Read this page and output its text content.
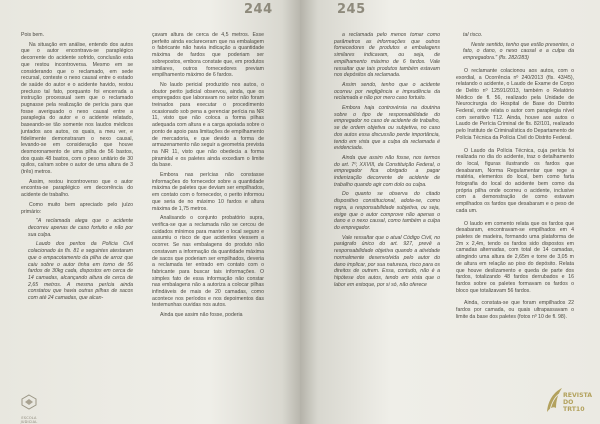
244

Pois bem.

Na situação em análise, entendo dos autos que o autor encontrava-se paraplégico decorrente do acidente sofrido, conclusão esta que restou incontroversa. Mesmo em se considerando que o reclamado, em sede recursal, conteste o nexo causal entre o estado de saúde do autor e o acidente havido, restou precluso tal fato, porquanto foi encerrada a instrução processual sem que o reclamado pugnasse pela realização de perícia para que fosse averiguado o nexo causal entre a paraplegia do autor e o acidente relatado, baseando-se tão somente nos laudos médicos juntados aos autos, os quais, a meu ver, e fidelimente demonstraram o nexo causal, levando-se em consideração que houve desmoronamento de uma pilha de 56 bastos, dos quais 48 bastos, com o peso unitário de 30 quilos, caíram sobre o autor de uma altura de 3 (três) metros.

Assim, restou incontroverso que o autor encontra-se paraplégico em decorrência do acidente de trabalho.

Como muito bem apreciado pelo juízo primário:

"A reclamada alega que o acidente decorreu apenas de caso fortuito e não por sua culpa.

Laudo dos peritos da Polícia Civil colacionado às fls. 81 e seguintes atestaram que o empacotamento da pilha de arroz que caiu sobre o autor tinha em torno de 56 fardos de 30kg cada, dispostos em cerca de 14 camadas, alcançando altura de cerca de 2,65 metros. A mesma perícia ainda constatou que havia outras pilhas de sacos com até 24 camadas, que alcan-

çavam altura de cerca de 4,5 metros. Esse perfeito ainda esclareceram que na embalagem o fabricante não havia indicação a quantidade máxima de fardos que poderiam ser sobrepostos, embora constate que, em produtos similares, outros fornecedores previam empilhamento máximo de 6 fardos.

No laudo pericial produzido nos autos, o doutor perito judicial observou, ainda, que os empregados que laboravam no setor não foram treinados para executar o procedimento ocasionado sob pena a gerenciar perícia na NR 11, visto que não coloca a forma pilhas adequada com altura e a carga apoiada sobre o ponto de apoio para limitações de empilhamento de mercadoria, e que devido a forma de armazenamento não seguir a geometria prevista na NR 11, visto que não obedecia a forma piramidal e os paletes ainda excediam o limite da base.

Embora nas perícias não constasse informações do fornecedor sobre a quantidade máxima de paletes que deviam ser empilhados, em contato com o fornecedor, o perito informou que seria de no máximo 10 fardos e altura máxima de 1,75 metros.

Analisando o conjunto probatório supra, verifica-se que a reclamada não se cercou de cuidados mínimos para manter o local seguro e assumiu o risco de que acidentes viessem a ocorrer. Se nas embalagens do produto não constavam a informação da quantidade máxima de sacos que poderiam ser empilhados, deveria a reclamada ter entrado em contato com o fabricante para buscar tais informações. O simples fato de essa informação não constar nas embalagens não a autoriza a colocar pilhas infindáveis de mais de 20 camadas, como acontece nos períodos e nos depoimentos das testemunhas ouvidas nos autos.

Ainda que assim não fosse, poderia

ESCOLA JUDICIAL
245

a reclamada pelo menos tomar como parâmetros as informações que outros fornecedores de produtos e embalagens similares indicavam, ou seja, de empilhamento máximo de 6 fardos. Vale ressaltar que tais produtos também estavam nos depósitos da reclamada.

Assim sendo, tenho que o acidente ocorreu por negligência e imprudência da reclamada e não por mero caso fortuito.

Embora haja controvérsia na doutrina sobre o tipo de responsabilidade do empregador no caso de acidente de trabalho, se de ordem objetiva ou subjetiva, no caso dos autos essa discussão perde importância, tendo em vista que a culpa da reclamada é evidenciada.

Ainda que assim não fosse, nos termos do art. 7º, XXVIII, da Constituição Federal, o empregador fica obrigado a pagar indenização decorrente de acidente de trabalho quando agir com dolo ou culpa.

Do quanto se observa do citado dispositivo constitucional, adota-se, como regra, a responsabilidade subjetiva, ou seja, exige que o autor comprove não apenas o dano e o nexo causal, como também a culpa do empregador.

Vale ressaltar que o atual Código Civil, no parágrafo único do art. 927, prevê a responsabilidade objetiva quando a atividade normalmente desenvolvida pelo autor do dano implicar, por sua natureza, risco para os direitos de outrem. Essa, contudo, não é a hipótese dos autos, tendo em vista que o labor em estoque, por si só, não oferece

tal risco.

Neste sentido, tenho que estão presentes, o fato, o dano, o nexo causal e a culpa da empregadora." (fls. 282/283)

O reclamante colacionou aos autos, com o exordial, a Ocorrência nº 240/2013 (fls. 43/45), relatando o acidente, o Laudo de Exame de Corpo de Delito nº 12591/2013, também o Relatório Médico de fl. 56, realizado pela Unidade de Neurocirurgia do Hospital de Base do Distrito Federal, onde relata o autor com paraplegia nível com sensitivo T12. Ainda, houve aos autos o Laudo de Perícia Criminal de fls. 82/101, realizado pelo Instituto de Criminalística do Departamento de Polícia Técnica da Polícia Civil do Distrito Federal.

O Laudo da Polícia Técnica, cuja perícia foi realizada no dia do acidente, traz o detalhamento do local, figuras ilustrando os fardos que desabaram, Norma Regulamentar que rege a matéria, elementos do local, bem como farta fotografia do local do acidente bem como da própria pilha onde ocorreu o acidente, inclusive com a demonstração de como estavam empilhados os fardos que desabaram e o peso de cada um.

O laudo em comento relata que os fardos que desabaram, encontravam-se empilhados em 4 paletes de madeira, formando uma plataforma de 2m x 2,4m, tendo os fardos sido dispostos em camadas alternadas, com total de 14 camadas, atingindo uma altura de 2,65m e torre de 3,05 m de altura em relação ao piso do depósito. Relata que houve deslizamento e queda de parte dos fardos, totalizando 48 fardos derrubados e 16 fardos sobre os paletes formavam os fardos o bloco que totalizavam 56 fardos.

Ainda, constata-se que foram empilhados 22 fardos por camada, ou quais ultrapassavam o limite da base dos paletes (fotos nº 10 de fl. 98).

REVISTA
DO TRT10
